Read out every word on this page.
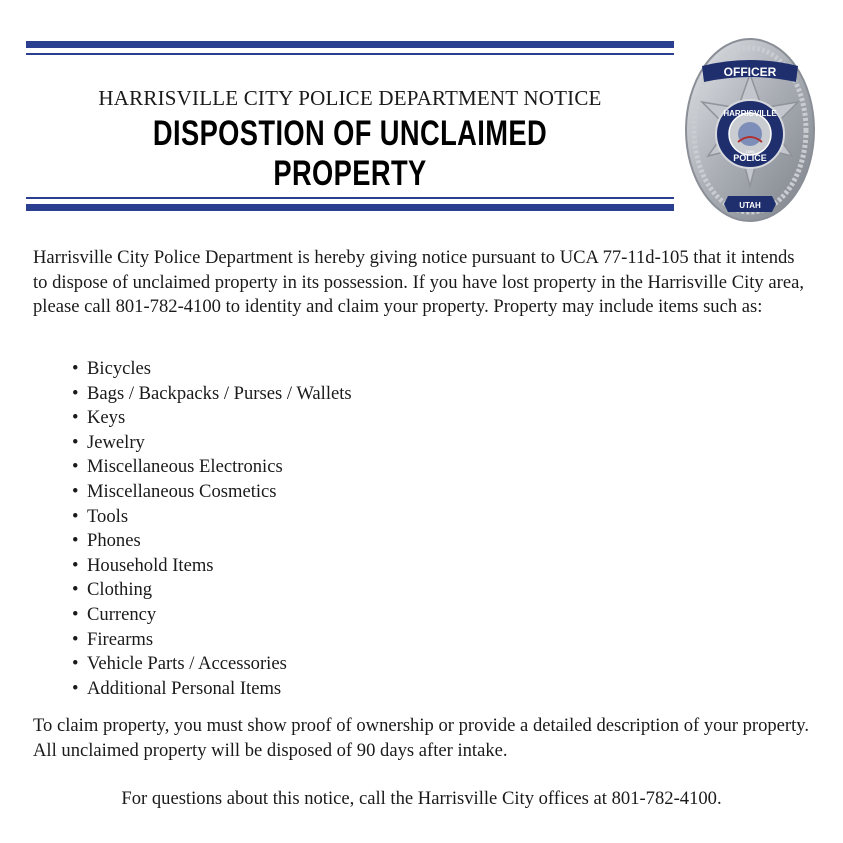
HARRISVILLE CITY POLICE DEPARTMENT NOTICE
DISPOSTION OF UNCLAIMED PROPERTY
OFFICER
HARRISVILLE
POLICE
1896
UTAH

Harrisville City Police Department is hereby giving notice pursuant to UCA 77-11d-105 that it intends to dispose of unclaimed property in its possession. If you have lost property in the Harrisville City area, please call 801-782-4100 to identity and claim your property. Property may include items such as:

• Bicycles
• Bags / Backpacks / Purses / Wallets
• Keys
• Jewelry
• Miscellaneous Electronics
• Miscellaneous Cosmetics
• Tools
• Phones
• Household Items
• Clothing
• Currency
• Firearms
• Vehicle Parts / Accessories
• Additional Personal Items

To claim property, you must show proof of ownership or provide a detailed description of your property. All unclaimed property will be disposed of 90 days after intake.

For questions about this notice, call the Harrisville City offices at 801-782-4100.
